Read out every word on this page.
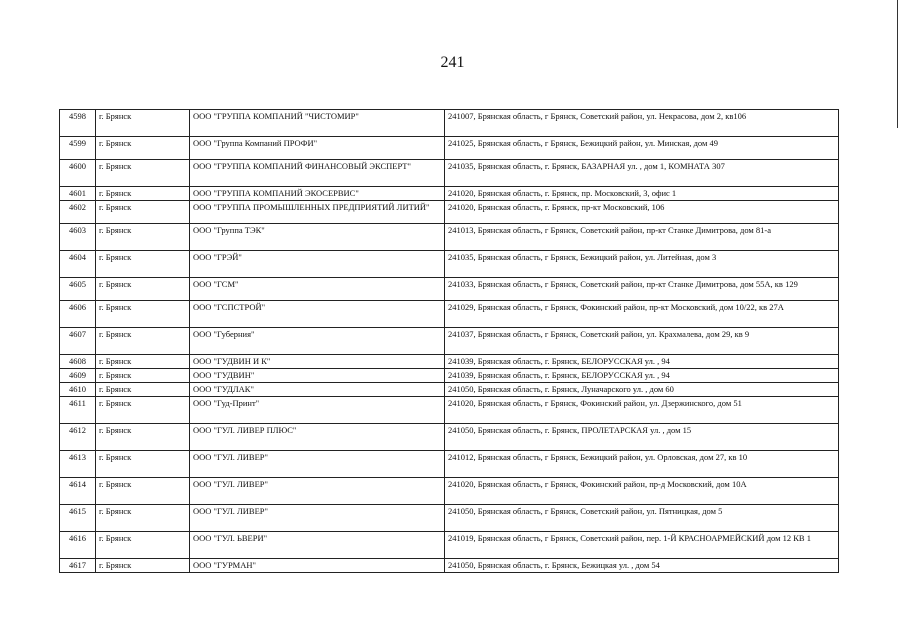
241
4598	г. Брянск	ООО "ГРУППА КОМПАНИЙ "ЧИСТОМИР"	241007, Брянская область, г Брянск, Советский район, ул. Некрасова, дом 2, кв106
4599	г. Брянск	ООО "Группа Компаний ПРОФИ"	241025, Брянская область, г Брянск, Бежицкий район, ул. Минская, дом 49
4600	г. Брянск	ООО "ГРУППА КОМПАНИЙ ФИНАНСОВЫЙ ЭКСПЕРТ"	241035, Брянская область, г. Брянск, БАЗАРНАЯ ул. , дом 1, КОМНАТА 307
4601	г. Брянск	ООО "ГРУППА КОМПАНИЙ ЭКОСЕРВИС"	241020, Брянская область, г. Брянск, пр. Московский, 3, офис 1
4602	г. Брянск	ООО "ГРУППА ПРОМЫШЛЕННЫХ ПРЕДПРИЯТИЙ ЛИТИЙ"	241020, Брянская область, г. Брянск, пр-кт Московский, 106
4603	г. Брянск	ООО "Группа ТЭК"	241013, Брянская область, г Брянск, Советский район, пр-кт Станке Димитрова, дом 81-а
4604	г. Брянск	ООО "ГРЭЙ"	241035, Брянская область, г Брянск, Бежицкий район, ул. Литейная, дом 3
4605	г. Брянск	ООО "ГСМ"	241033, Брянская область, г Брянск, Советский район, пр-кт Станке Димитрова, дом 55А, кв 129
4606	г. Брянск	ООО "ГСПСТРОЙ"	241029, Брянская область, г Брянск, Фокинский район, пр-кт Московский, дом 10/22, кв 27А
4607	г. Брянск	ООО "Губерния"	241037, Брянская область, г Брянск, Советский район, ул. Крахмалева, дом 29, кв 9
4608	г. Брянск	ООО "ГУДВИН И К"	241039, Брянская область, г. Брянск, БЕЛОРУССКАЯ ул. , 94
4609	г. Брянск	ООО "ГУДВИН"	241039, Брянская область, г. Брянск, БЕЛОРУССКАЯ ул. , 94
4610	г. Брянск	ООО "ГУДЛАК"	241050, Брянская область, г. Брянск, Луначарского ул. , дом 60
4611	г. Брянск	ООО "Гуд-Принт"	241020, Брянская область, г Брянск, Фокинский район, ул. Дзержинского, дом 51
4612	г. Брянск	ООО "ГУЛ. ЛИВЕР ПЛЮС"	241050, Брянская область, г. Брянск, ПРОЛЕТАРСКАЯ ул. , дом 15
4613	г. Брянск	ООО "ГУЛ. ЛИВЕР"	241012, Брянская область, г Брянск, Бежицкий район, ул. Орловская, дом 27, кв 10
4614	г. Брянск	ООО "ГУЛ. ЛИВЕР"	241020, Брянская область, г Брянск, Фокинский район, пр-д Московский, дом 10А
4615	г. Брянск	ООО "ГУЛ. ЛИВЕР"	241050, Брянская область, г Брянск, Советский район, ул. Пятницкая, дом 5
4616	г. Брянск	ООО "ГУЛ. ЬВЕРИ"	241019, Брянская область, г Брянск, Советский район, пер. 1-Й КРАСНОАРМЕЙСКИЙ дом 12 КВ 1
4617	г. Брянск	ООО "ГУРМАН"	241050, Брянская область, г. Брянск, Бежицкая ул. , дом 54
